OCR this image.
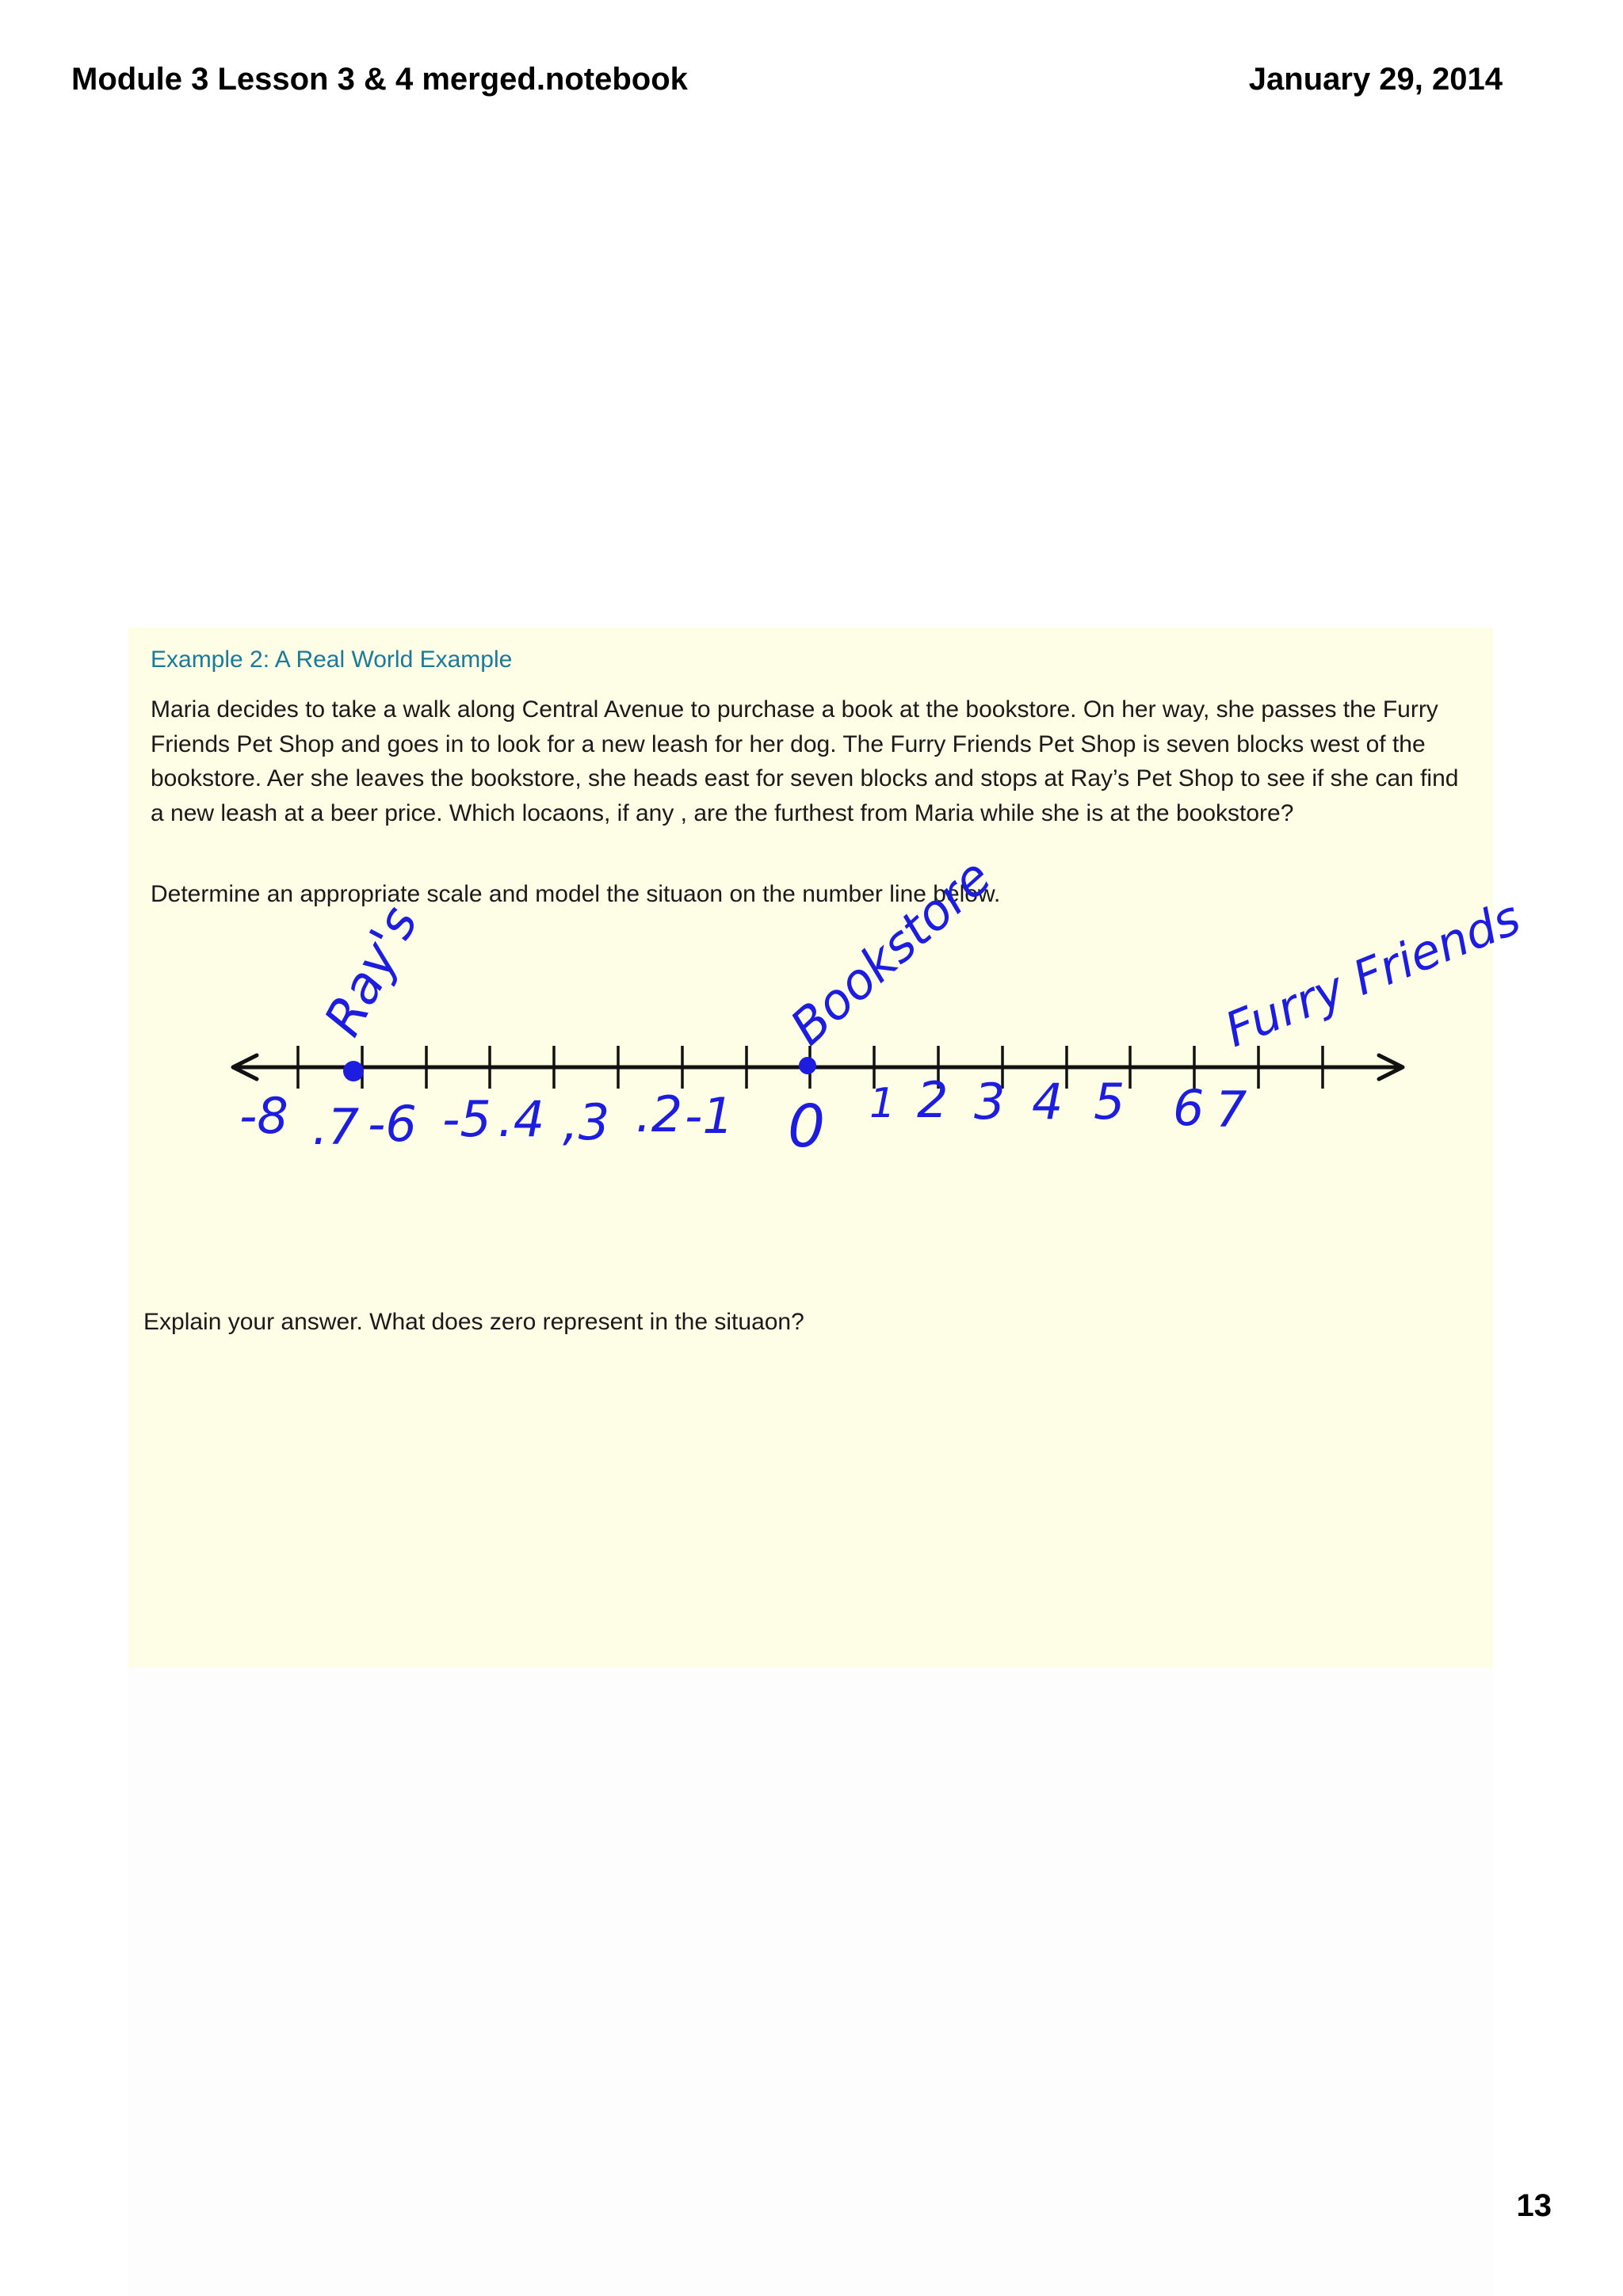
Module 3 Lesson 3 & 4 merged.notebook	January 29, 2014
Example 2: A Real World Example

Maria decides to take a walk along Central Avenue to purchase a book at the bookstore. On her way, she passes the Furry Friends Pet Shop and goes in to look for a new leash for her dog. The Furry Friends Pet Shop is seven blocks west of the bookstore. Aer she leaves the bookstore, she heads east for seven blocks and stops at Ray’s Pet Shop to see if she can find a new leash at a beer price. Which locaons, if any , are the furthest from Maria while she is at the bookstore?

Determine an appropriate scale and model the situaon on the number line below.
-8 .7 -6 -5 .4 ,3 .2 -1 0 1 2 3 4 5 6 7
Ray's	Bookstore	Furry Friends
Explain your answer. What does zero represent in the situaon?
13
